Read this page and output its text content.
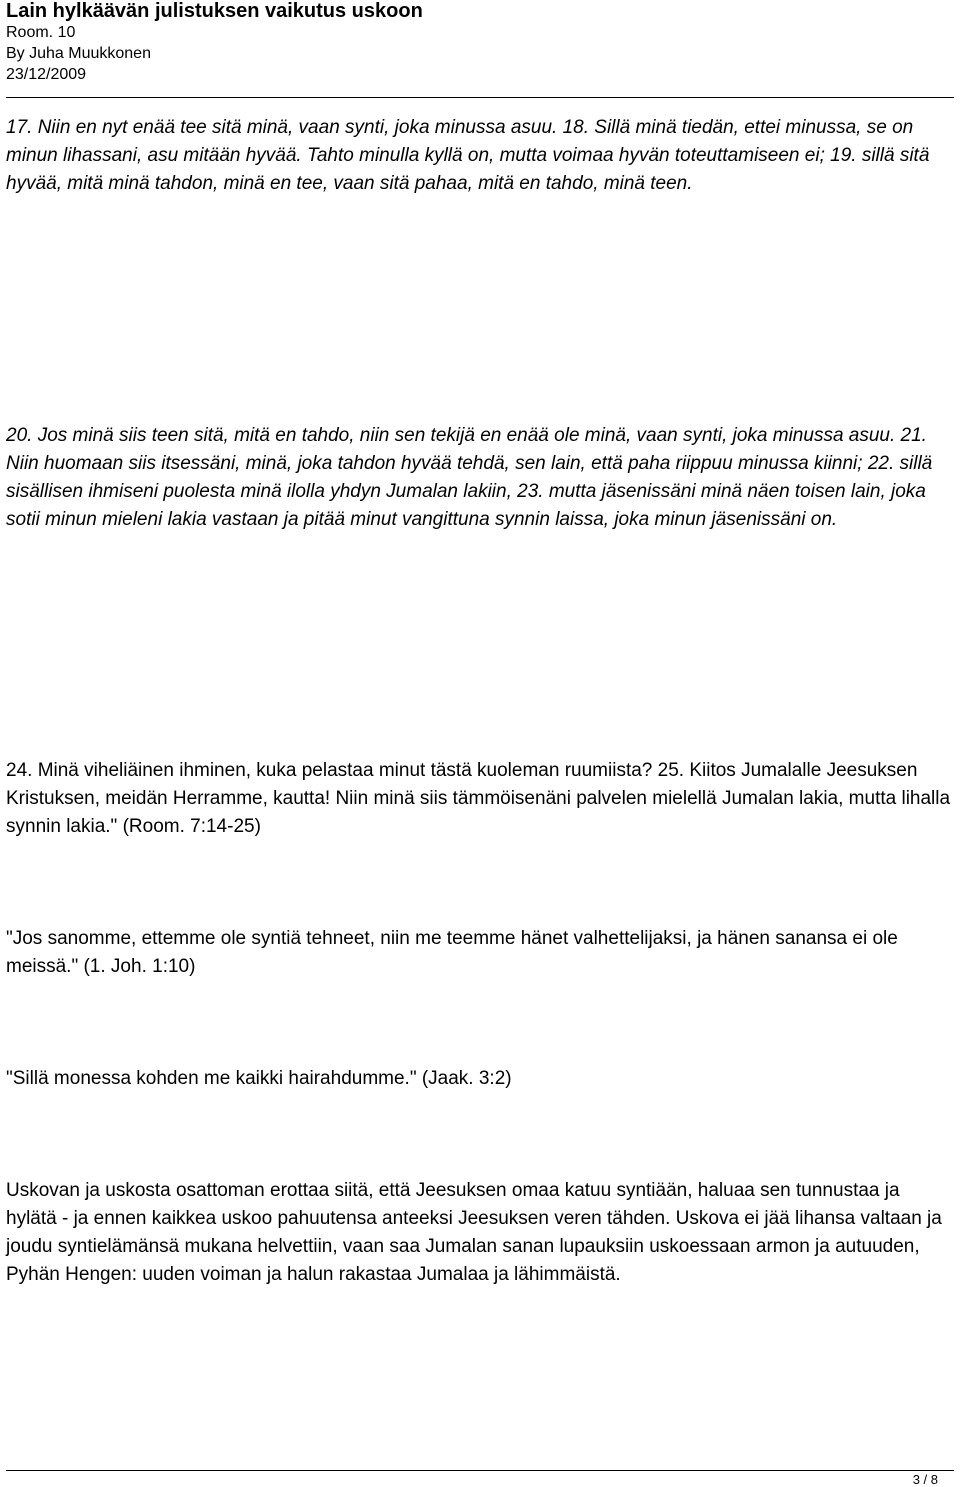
Lain hylkäävän julistuksen vaikutus uskoon
Room. 10
By Juha Muukkonen
23/12/2009

17. Niin en nyt enää tee sitä minä, vaan synti, joka minussa asuu. 18. Sillä minä tiedän, ettei minussa, se on minun lihassani, asu mitään hyvää. Tahto minulla kyllä on, mutta voimaa hyvän toteuttamiseen ei; 19. sillä sitä hyvää, mitä minä tahdon, minä en tee, vaan sitä pahaa, mitä en tahdo, minä teen.

20. Jos minä siis teen sitä, mitä en tahdo, niin sen tekijä en enää ole minä, vaan synti, joka minussa asuu. 21. Niin huomaan siis itsessäni, minä, joka tahdon hyvää tehdä, sen lain, että paha riippuu minussa kiinni; 22. sillä sisällisen ihmiseni puolesta minä ilolla yhdyn Jumalan lakiin, 23. mutta jäsenissäni minä näen toisen lain, joka sotii minun mieleni lakia vastaan ja pitää minut vangittuna synnin laissa, joka minun jäsenissäni on.

24. Minä viheliäinen ihminen, kuka pelastaa minut tästä kuoleman ruumiista? 25. Kiitos Jumalalle Jeesuksen Kristuksen, meidän Herramme, kautta! Niin minä siis tämmöisenäni palvelen mielellä Jumalan lakia, mutta lihalla synnin lakia." (Room. 7:14-25)

"Jos sanomme, ettemme ole syntiä tehneet, niin me teemme hänet valhettelijaksi, ja hänen sanansa ei ole meissä." (1. Joh. 1:10)

"Sillä monessa kohden me kaikki hairahdumme." (Jaak. 3:2)

Uskovan ja uskosta osattoman erottaa siitä, että Jeesuksen omaa katuu syntiään, haluaa sen tunnustaa ja hylätä - ja ennen kaikkea uskoo pahuutensa anteeksi Jeesuksen veren tähden. Uskova ei jää lihansa valtaan ja joudu syntielämänsä mukana helvettiin, vaan saa Jumalan sanan lupauksiin uskoessaan armon ja autuuden, Pyhän Hengen: uuden voiman ja halun rakastaa Jumalaa ja lähimmäistä.

3 / 8
